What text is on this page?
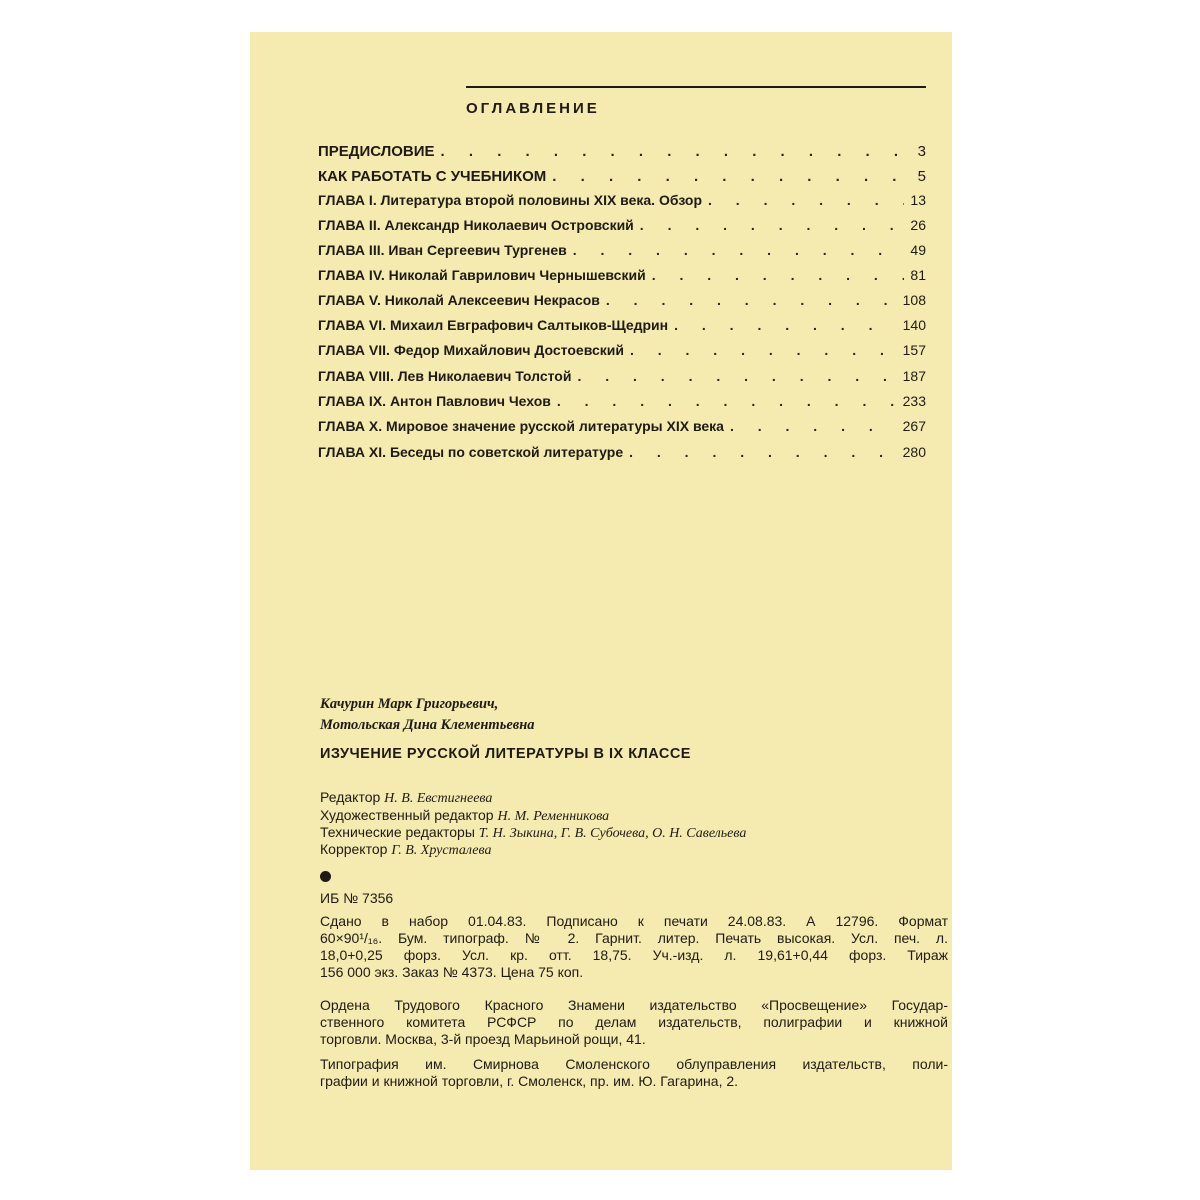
ОГЛАВЛЕНИЕ
ПРЕДИСЛОВИЕ . . .	3
КАК РАБОТАТЬ С УЧЕБНИКОМ . . .	5
ГЛАВА I. Литература второй половины XIX века. Обзор . . .	13
ГЛАВА II. Александр Николаевич Островский . . .	26
ГЛАВА III. Иван Сергеевич Тургенев . . .	49
ГЛАВА IV. Николай Гаврилович Чернышевский . . .	81
ГЛАВА V. Николай Алексеевич Некрасов . . .	108
ГЛАВА VI. Михаил Евграфович Салтыков-Щедрин . . .	140
ГЛАВА VII. Федор Михайлович Достоевский . . .	157
ГЛАВА VIII. Лев Николаевич Толстой . . .	187
ГЛАВА IX. Антон Павлович Чехов . . .	233
ГЛАВА X. Мировое значение русской литературы XIX века . . .	267
ГЛАВА XI. Беседы по советской литературе . . .	280
Качурин Марк Григорьевич,
Мотольская Дина Клементьевна
ИЗУЧЕНИЕ РУССКОЙ ЛИТЕРАТУРЫ В IX КЛАССЕ
Редактор Н. В. Евстигнеева
Художественный редактор Н. М. Ременникова
Технические редакторы Т. Н. Зыкина, Г. В. Субочева, О. Н. Савельева
Корректор Г. В. Хрусталева
ИБ № 7356
Сдано в набор 01.04.83. Подписано к печати 24.08.83. А 12796. Формат
60×90¹/₁₆. Бум. типограф. № 2. Гарнит. литер. Печать высокая. Усл. печ. л.
18,0+0,25 форз. Усл. кр. отт. 18,75. Уч.-изд. л. 19,61+0,44 форз. Тираж
156 000 экз. Заказ № 4373. Цена 75 коп.
Ордена Трудового Красного Знамени издательство «Просвещение» Государ-
ственного комитета РСФСР по делам издательств, полиграфии и книжной
торговли. Москва, 3-й проезд Марьиной рощи, 41.
Типография им. Смирнова Смоленского облуправления издательств, поли-
графии и книжной торговли, г. Смоленск, пр. им. Ю. Гагарина, 2.
